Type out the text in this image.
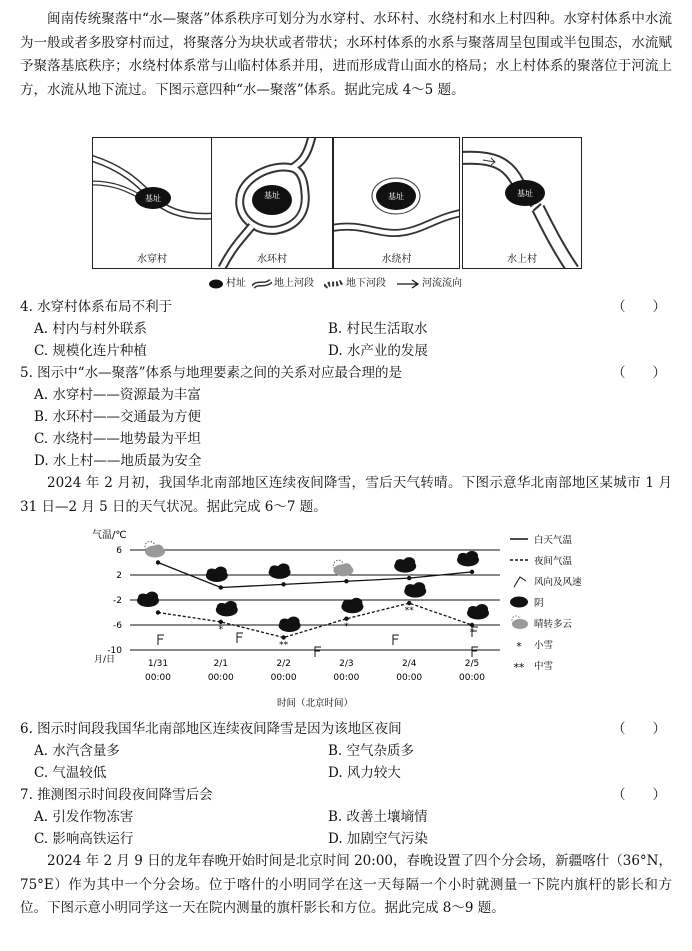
闽南传统聚落中“水—聚落”体系秩序可划分为水穿村、水环村、水绕村和水上村四种。水穿村体系中水流为一般或者多股穿村而过，将聚落分为块状或者带状；水环村体系的水系与聚落周呈包围或半包围态，水流赋予聚落基底秩序；水绕村体系常与山临村体系并用，进而形成背山面水的格局；水上村体系的聚落位于河流上方，水流从地下流过。下图示意四种“水—聚落”体系。据此完成 4～5 题。

基址
水穿村
基址
水环村
基址
水绕村
基址
水上村
村址	地上河段	地下河段	河流流向
4. 水穿村体系布局不利于	（　　）
A. 村内与村外联系	B. 村民生活取水
C. 规模化连片种植	D. 水产业的发展
5. 图示中“水—聚落”体系与地理要素之间的关系对应最合理的是	（　　）
A. 水穿村——资源最为丰富
B. 水环村——交通最为方便
C. 水绕村——地势最为平坦
D. 水上村——地质最为安全

2024 年 2 月初，我国华北南部地区连续夜间降雪，雪后天气转晴。下图示意华北南部地区某城市 1 月 31 日—2 月 5 日的天气状况。据此完成 6～7 题。

气温/℃
6
2
-2
-6
-10
月/日	1/31
00:00
2/1
00:00
2/2
00:00
2/3
00:00
2/4
00:00
2/5
00:00
时间（北京时间）
*
**
*
**
*
白天气温
夜间气温
风向及风速
阴
晴转多云
* 小雪
** 中雪
6. 图示时间段我国华北南部地区连续夜间降雪是因为该地区夜间	（　　）
A. 水汽含量多	B. 空气杂质多
C. 气温较低	D. 风力较大
7. 推测图示时间段夜间降雪后会	（　　）
A. 引发作物冻害	B. 改善土壤墒情
C. 影响高铁运行	D. 加剧空气污染

2024 年 2 月 9 日的龙年春晚开始时间是北京时间 20:00，春晚设置了四个分会场，新疆喀什（36°N，75°E）作为其中一个分会场。位于喀什的小明同学在这一天每隔一个小时就测量一下院内旗杆的影长和方位。下图示意小明同学这一天在院内测量的旗杆影长和方位。据此完成 8～9 题。
